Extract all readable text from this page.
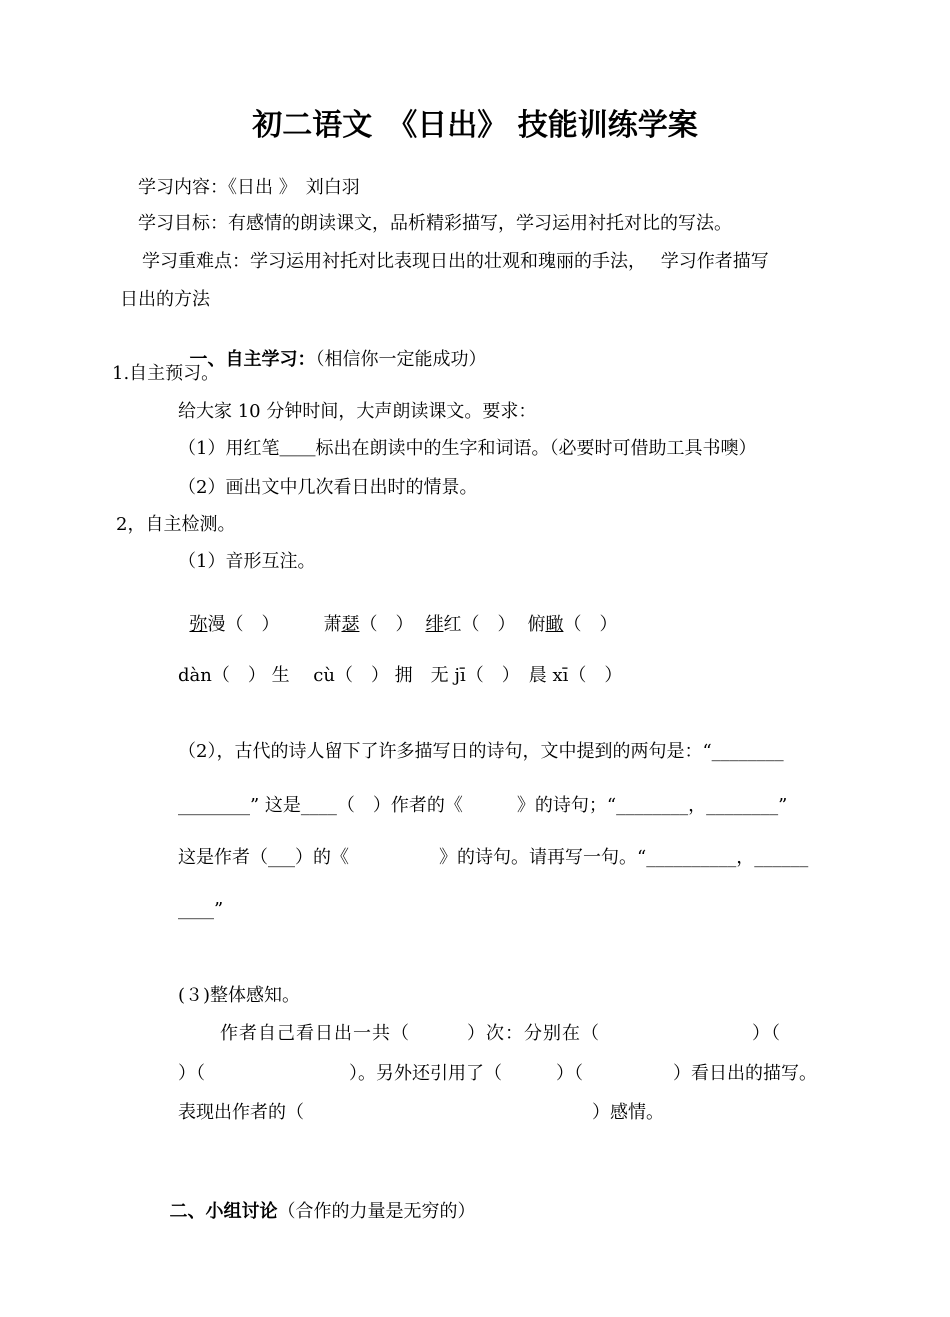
初二语文　《日出》 技能训练学案
学习内容：《日出 》　刘白羽
学习目标：有感情的朗读课文，品析精彩描写，学习运用衬托对比的写法。
学习重难点：学习运用衬托对比表现日出的壮观和瑰丽的手法，　 学习作者描写
日出的方法

一、自主学习：（相信你一定能成功）

1.自主预习。
给大家 10 分钟时间，大声朗读课文。要求：
（1）用红笔＿＿标出在朗读中的生字和词语。（必要时可借助工具书噢）
（2）画出文中几次看日出时的情景。
2，自主检测。
（1）音形互注。

弥漫（　）	萧瑟（　） 绯红（　） 俯瞰（　）

dàn（　） 生　 cù（　） 拥　无 jī（　）　晨 xī（　）
（2），古代的诗人留下了许多描写日的诗句，文中提到的两句是：“________
________” 这是____（　）作者的《　　　》的诗句；“________，________”
这是作者（___）的《　　　　　》的诗句。请再写一句。“__________，______
____”
(３)整体感知。
作者自己看日出一共（　　　）次：分别在（　　　　　　　　）（
）（　　　　　　　　）。另外还引用了（　　　）（　　　　　）看日出的描写。
表现出作者的（　　　　　　　　　　　　　　　　）感情。

二、小组讨论（合作的力量是无穷的）
